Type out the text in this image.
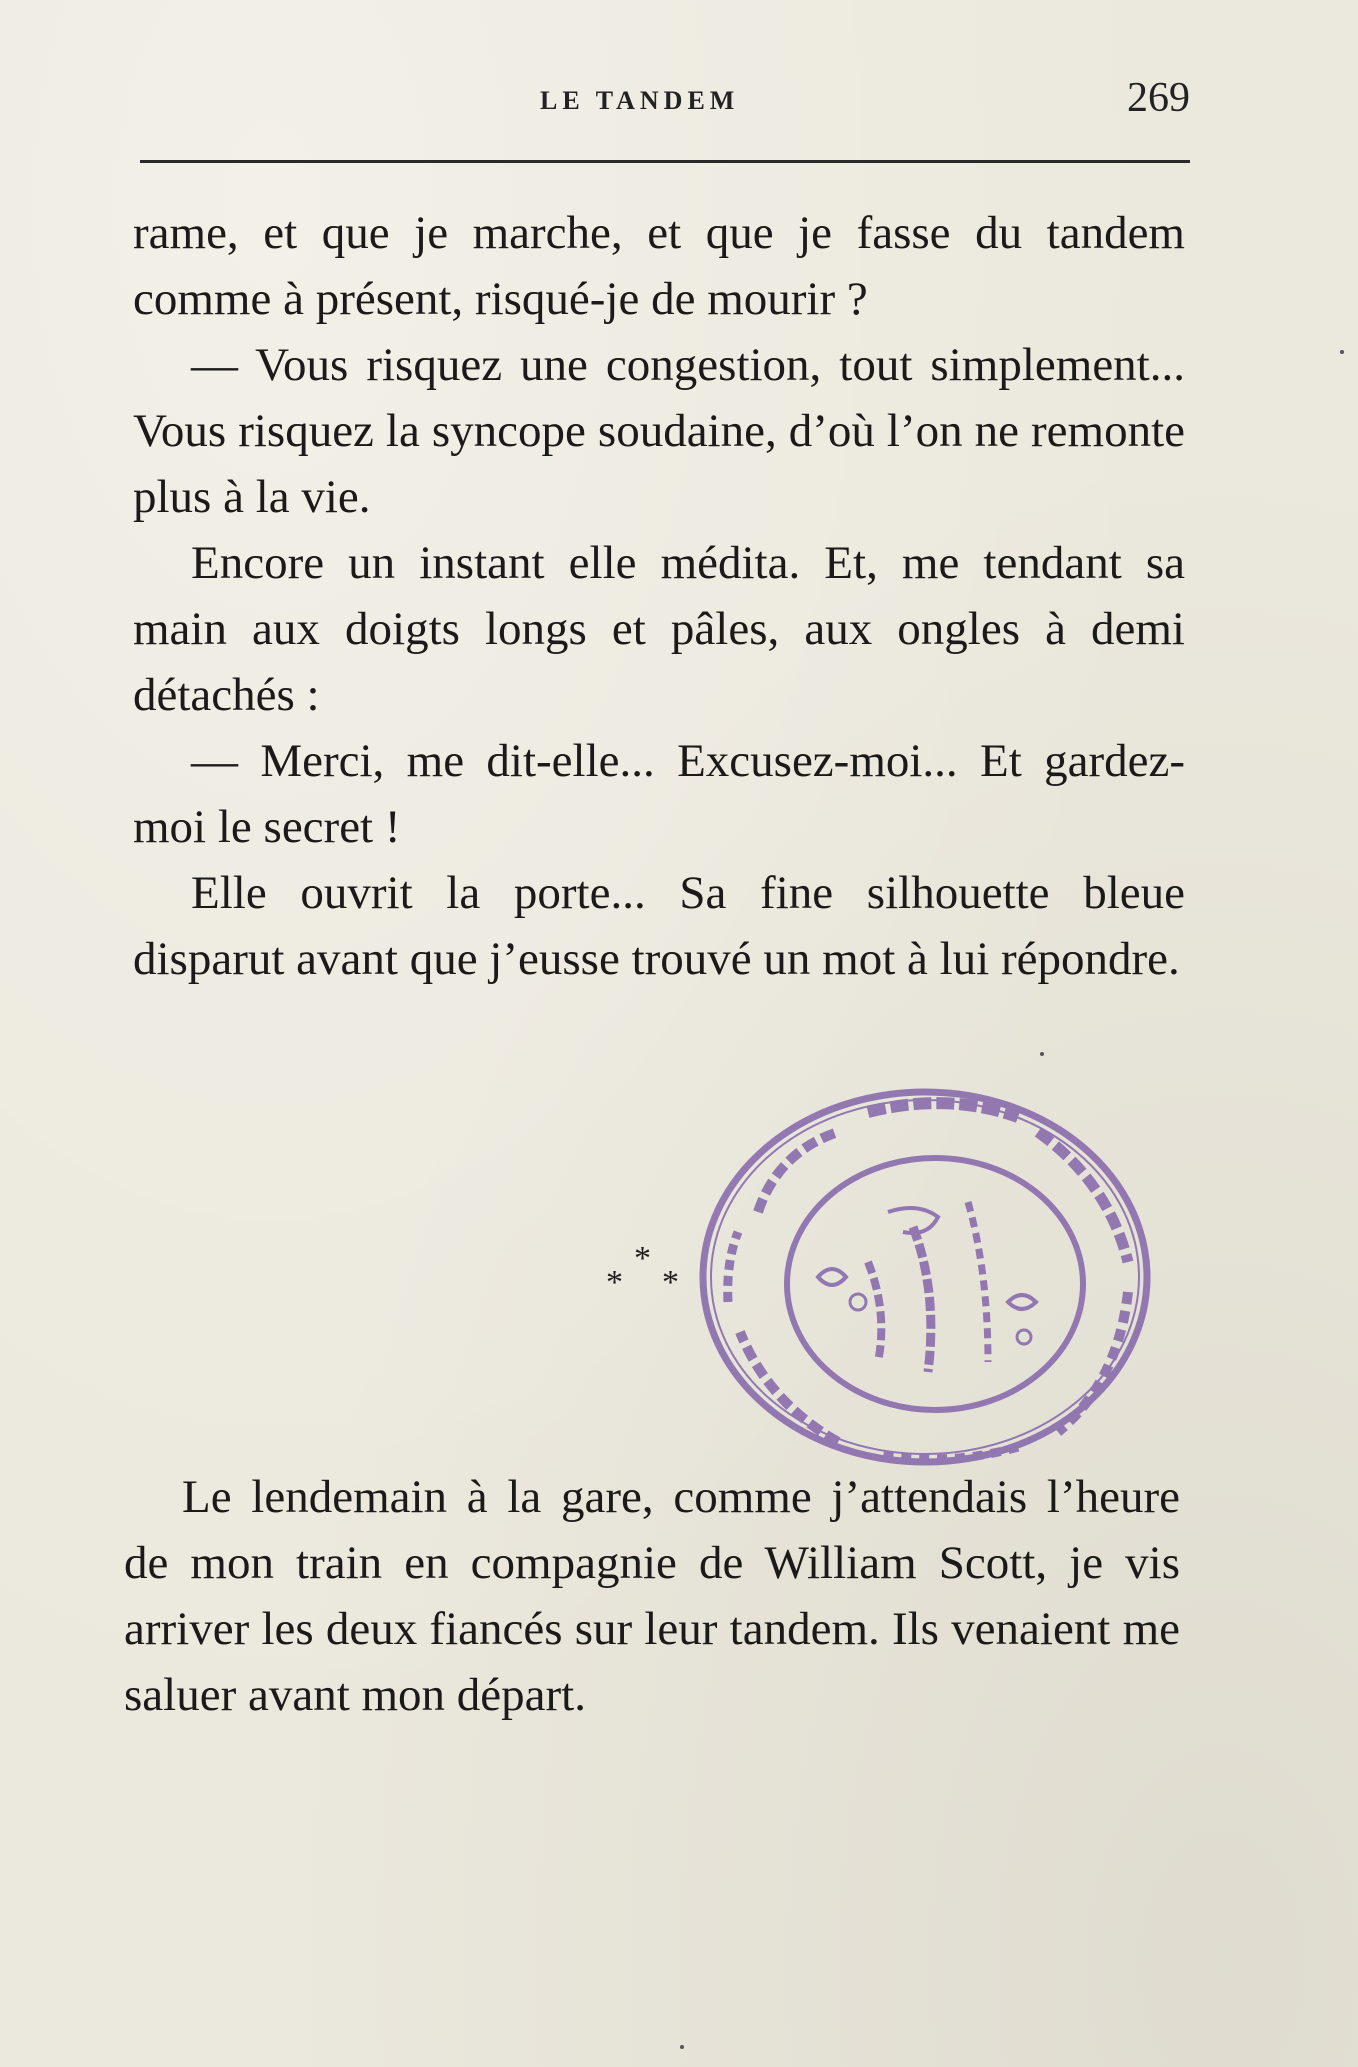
LE TANDEM	269

rame, et que je marche, et que je fasse du tandem comme à présent, risqué-je de mourir ?

— Vous risquez une congestion, tout simplement... Vous risquez la syncope soudaine, d’où l’on ne remonte plus à la vie.

Encore un instant elle médita. Et, me tendant sa main aux doigts longs et pâles, aux ongles à demi détachés :

— Merci, me dit-elle... Excusez-moi... Et gardez-moi le secret !

Elle ouvrit la porte... Sa fine silhouette bleue disparut avant que j’eusse trouvé un mot à lui répondre.

*
* *

Le lendemain à la gare, comme j’attendais l’heure de mon train en compagnie de William Scott, je vis arriver les deux fiancés sur leur tandem. Ils venaient me saluer avant mon départ.
